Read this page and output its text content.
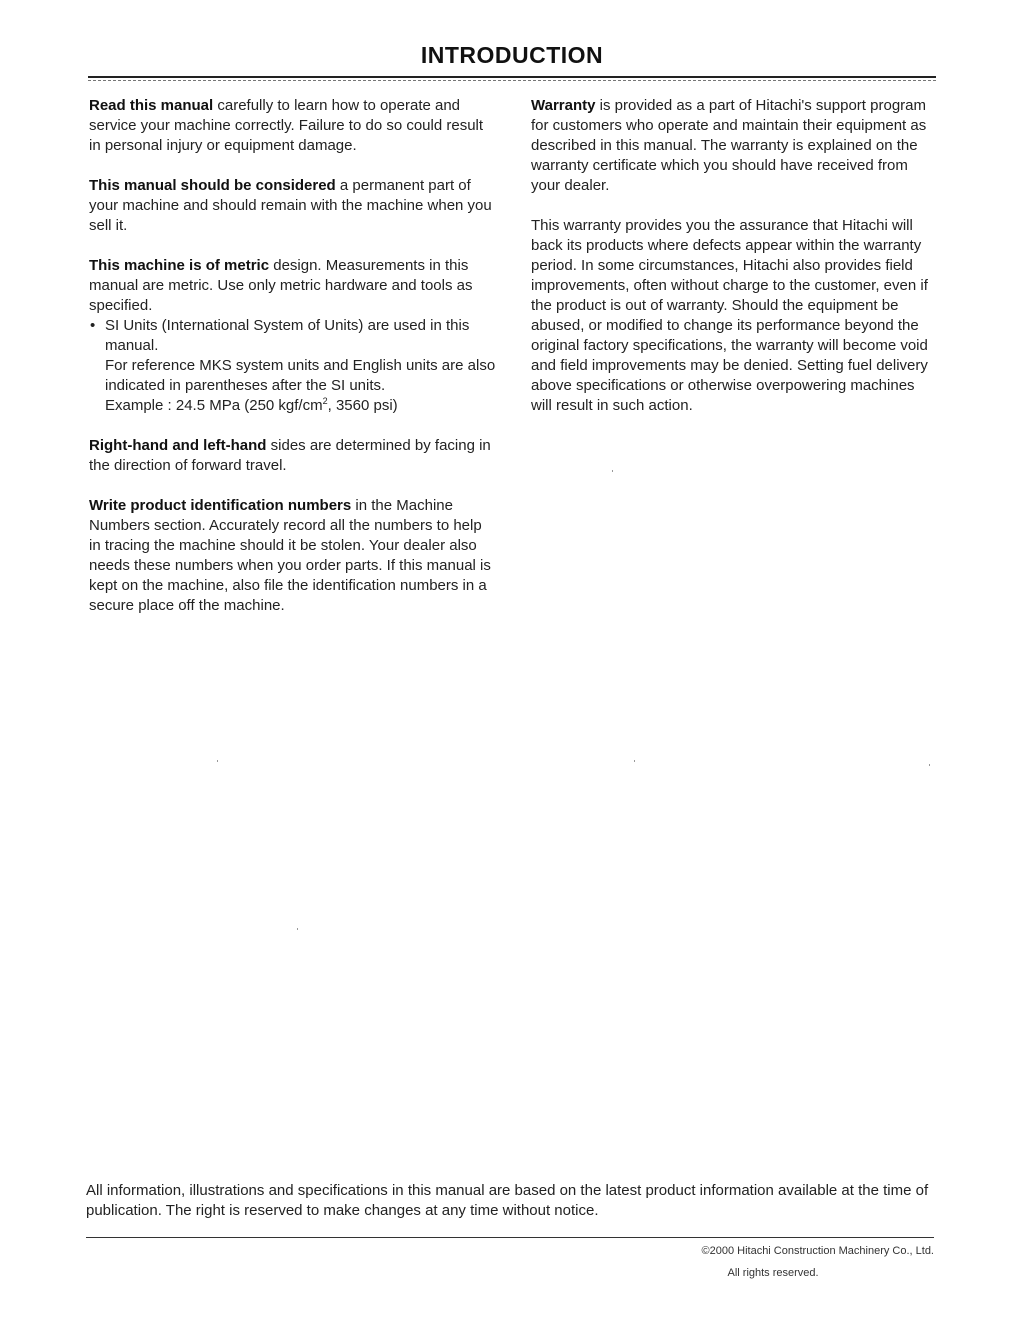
INTRODUCTION

Read this manual carefully to learn how to operate and service your machine correctly. Failure to do so could result in personal injury or equipment damage.

This manual should be considered a permanent part of your machine and should remain with the machine when you sell it.

This machine is of metric design. Measurements in this manual are metric. Use only metric hardware and tools as specified.

• SI Units (International System of Units) are used in this manual.

For reference MKS system units and English units are also indicated in parentheses after the SI units.

Example : 24.5 MPa (250 kgf/$cm^2$, 3560 psi)

Right-hand and left-hand sides are determined by facing in the direction of forward travel.

Write product identification numbers in the Machine Numbers section. Accurately record all the numbers to help in tracing the machine should it be stolen. Your dealer also needs these numbers when you order parts. If this manual is kept on the machine, also file the identification numbers in a secure place off the machine.

Warranty is provided as a part of Hitachi's support program for customers who operate and maintain their equipment as described in this manual. The warranty is explained on the warranty certificate which you should have received from your dealer.

This warranty provides you the assurance that Hitachi will back its products where defects appear within the warranty period. In some circumstances, Hitachi also provides field improvements, often without charge to the customer, even if the product is out of warranty. Should the equipment be abused, or modified to change its performance beyond the original factory specifications, the warranty will become void and field improvements may be denied. Setting fuel delivery above specifications or otherwise overpowering machines will result in such action.

All information, illustrations and specifications in this manual are based on the latest product information available at the time of publication. The right is reserved to make changes at any time without notice.
©2000 Hitachi Construction Machinery Co., Ltd.
All rights reserved.
